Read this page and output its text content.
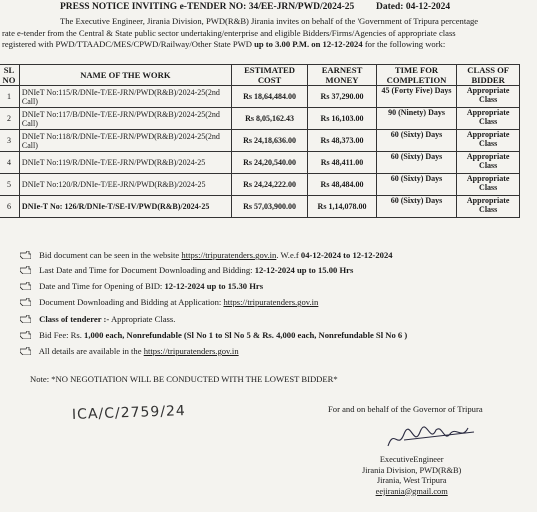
PRESS NOTICE INVITING e-TENDER NO: 34/EE-JRN/PWD/2024-25 Dated: 04-12-2024

The Executive Engineer, Jirania Division, PWD(R&B) Jirania invites on behalf of the 'Government of Tripura percentage

rate e-tender from the Central & State public sector undertaking/enterprise and eligible Bidders/Firms/Agencies of appropriate class

registered with PWD/TTAADC/MES/CPWD/Railway/Other State PWD up to 3.00 P.M. on 12-12-2024 for the following work:

SL NO	NAME OF THE WORK	ESTIMATED COST	EARNEST MONEY	TIME FOR COMPLETION	CLASS OF BIDDER
1	DNIeT No:115/R/DNIe-T/EE-JRN/PWD(R&B)/2024-25(2nd Call)	Rs 18,64,484.00	Rs 37,290.00	45 (Forty Five) Days	Appropriate Class
2	DNIeT No:117/B/DNIe-T/EE-JRN/PWD(R&B)/2024-25(2nd Call)	Rs 8,05,162.43	Rs 16,103.00	90 (Ninety) Days	Appropriate Class
3	DNIeT No:118/R/DNIe-T/EE-JRN/PWD(R&B)/2024-25(2nd Call)	Rs 24,18,636.00	Rs 48,373.00	60 (Sixty) Days	Appropriate Class
4	DNIeT No:119/R/DNIe-T/EE-JRN/PWD(R&B)/2024-25	Rs 24,20,540.00	Rs 48,411.00	60 (Sixty) Days	Appropriate Class
5	DNIeT No:120/R/DNIe-T/EE-JRN/PWD(R&B)/2024-25	Rs 24,24,222.00	Rs 48,484.00	60 (Sixty) Days	Appropriate Class
6	DNIe-T No: 126/R/DNIe-T/SE-IV/PWD(R&B)/2024-25	Rs 57,03,900.00	Rs 1,14,078.00	60 (Sixty) Days	Appropriate Class
Bid document can be seen in the website https://tripuratenders.gov.in. W.e.f 04-12-2024 to 12-12-2024
Last Date and Time for Document Downloading and Bidding: 12-12-2024 up to 15.00 Hrs
Date and Time for Opening of BID: 12-12-2024 up to 15.30 Hrs
Document Downloading and Bidding at Application: https://tripuratenders.gov.in
Class of tenderer :- Appropriate Class.
Bid Fee: Rs. 1,000 each, Nonrefundable (Sl No 1 to Sl No 5 & Rs. 4,000 each, Nonrefundable Sl No 6 )
All details are available in the https://tripuratenders.gov.in
Note: *NO NEGOTIATION WILL BE CONDUCTED WITH THE LOWEST BIDDER*
ICA/C/2759/24	For and on behalf of the Governor of Tripura
ExecutiveEngineer
Jirania Division, PWD(R&B)
Jirania, West Tripura
eejirania@gmail.com
